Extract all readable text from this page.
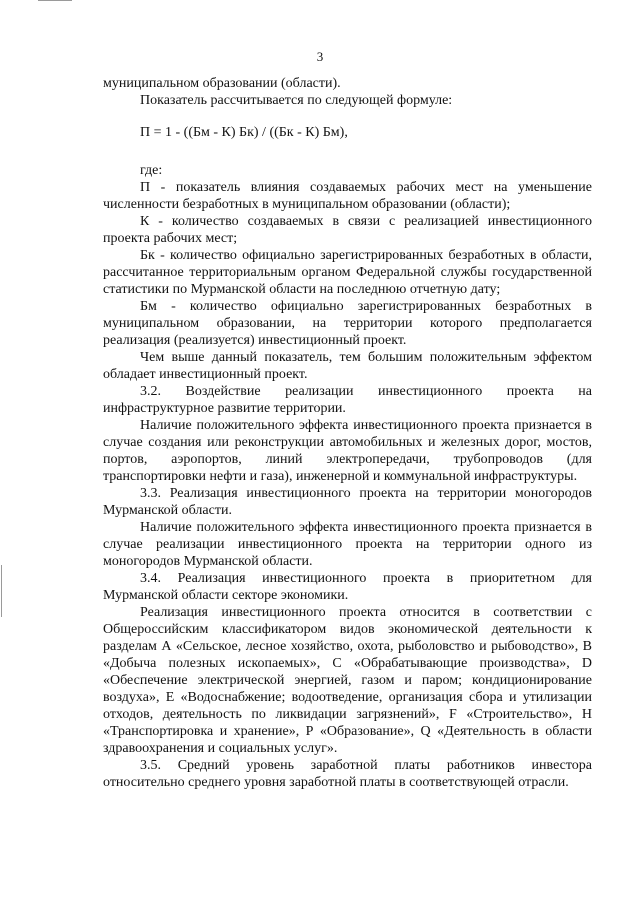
3

муниципальном образовании (области).

Показатель рассчитывается по следующей формуле:

П = 1 - ((Бм - К) Бк) / ((Бк - К) Бм),

где:

П - показатель влияния создаваемых рабочих мест на уменьшение численности безработных в муниципальном образовании (области);

К - количество создаваемых в связи с реализацией инвестиционного проекта рабочих мест;

Бк - количество официально зарегистрированных безработных в области, рассчитанное территориальным органом Федеральной службы государственной статистики по Мурманской области на последнюю отчетную дату;

Бм - количество официально зарегистрированных безработных в муниципальном образовании, на территории которого предполагается реализация (реализуется) инвестиционный проект.

Чем выше данный показатель, тем большим положительным эффектом обладает инвестиционный проект.

3.2. Воздействие реализации инвестиционного проекта на инфраструктурное развитие территории.

Наличие положительного эффекта инвестиционного проекта признается в случае создания или реконструкции автомобильных и железных дорог, мостов, портов, аэропортов, линий электропередачи, трубопроводов (для транспортировки нефти и газа), инженерной и коммунальной инфраструктуры.

3.3. Реализация инвестиционного проекта на территории моногородов Мурманской области.

Наличие положительного эффекта инвестиционного проекта признается в случае реализации инвестиционного проекта на территории одного из моногородов Мурманской области.

3.4. Реализация инвестиционного проекта в приоритетном для Мурманской области секторе экономики.

Реализация инвестиционного проекта относится в соответствии с Общероссийским классификатором видов экономической деятельности к разделам А «Сельское, лесное хозяйство, охота, рыболовство и рыбоводство», В «Добыча полезных ископаемых», С «Обрабатывающие производства», D «Обеспечение электрической энергией, газом и паром; кондиционирование воздуха», Е «Водоснабжение; водоотведение, организация сбора и утилизации отходов, деятельность по ликвидации загрязнений», F «Строительство», Н «Транспортировка и хранение», Р «Образование», Q «Деятельность в области здравоохранения и социальных услуг».

3.5. Средний уровень заработной платы работников инвестора относительно среднего уровня заработной платы в соответствующей отрасли.
